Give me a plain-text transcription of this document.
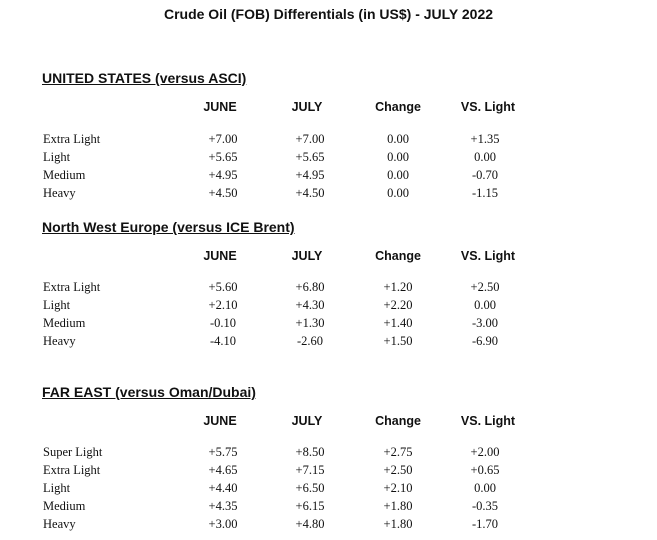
Crude Oil (FOB) Differentials (in US$) - JULY 2022
UNITED STATES (versus ASCI)
JUNE	JULY	Change	VS. Light
Extra Light	+7.00	+7.00	0.00	+1.35
Light	+5.65	+5.65	0.00	0.00
Medium	+4.95	+4.95	0.00	-0.70
Heavy	+4.50	+4.50	0.00	-1.15
North West Europe (versus ICE Brent)
JUNE	JULY	Change	VS. Light
Extra Light	+5.60	+6.80	+1.20	+2.50
Light	+2.10	+4.30	+2.20	0.00
Medium	-0.10	+1.30	+1.40	-3.00
Heavy	-4.10	-2.60	+1.50	-6.90
FAR EAST (versus Oman/Dubai)
JUNE	JULY	Change	VS. Light
Super Light	+5.75	+8.50	+2.75	+2.00
Extra Light	+4.65	+7.15	+2.50	+0.65
Light	+4.40	+6.50	+2.10	0.00
Medium	+4.35	+6.15	+1.80	-0.35
Heavy	+3.00	+4.80	+1.80	-1.70
